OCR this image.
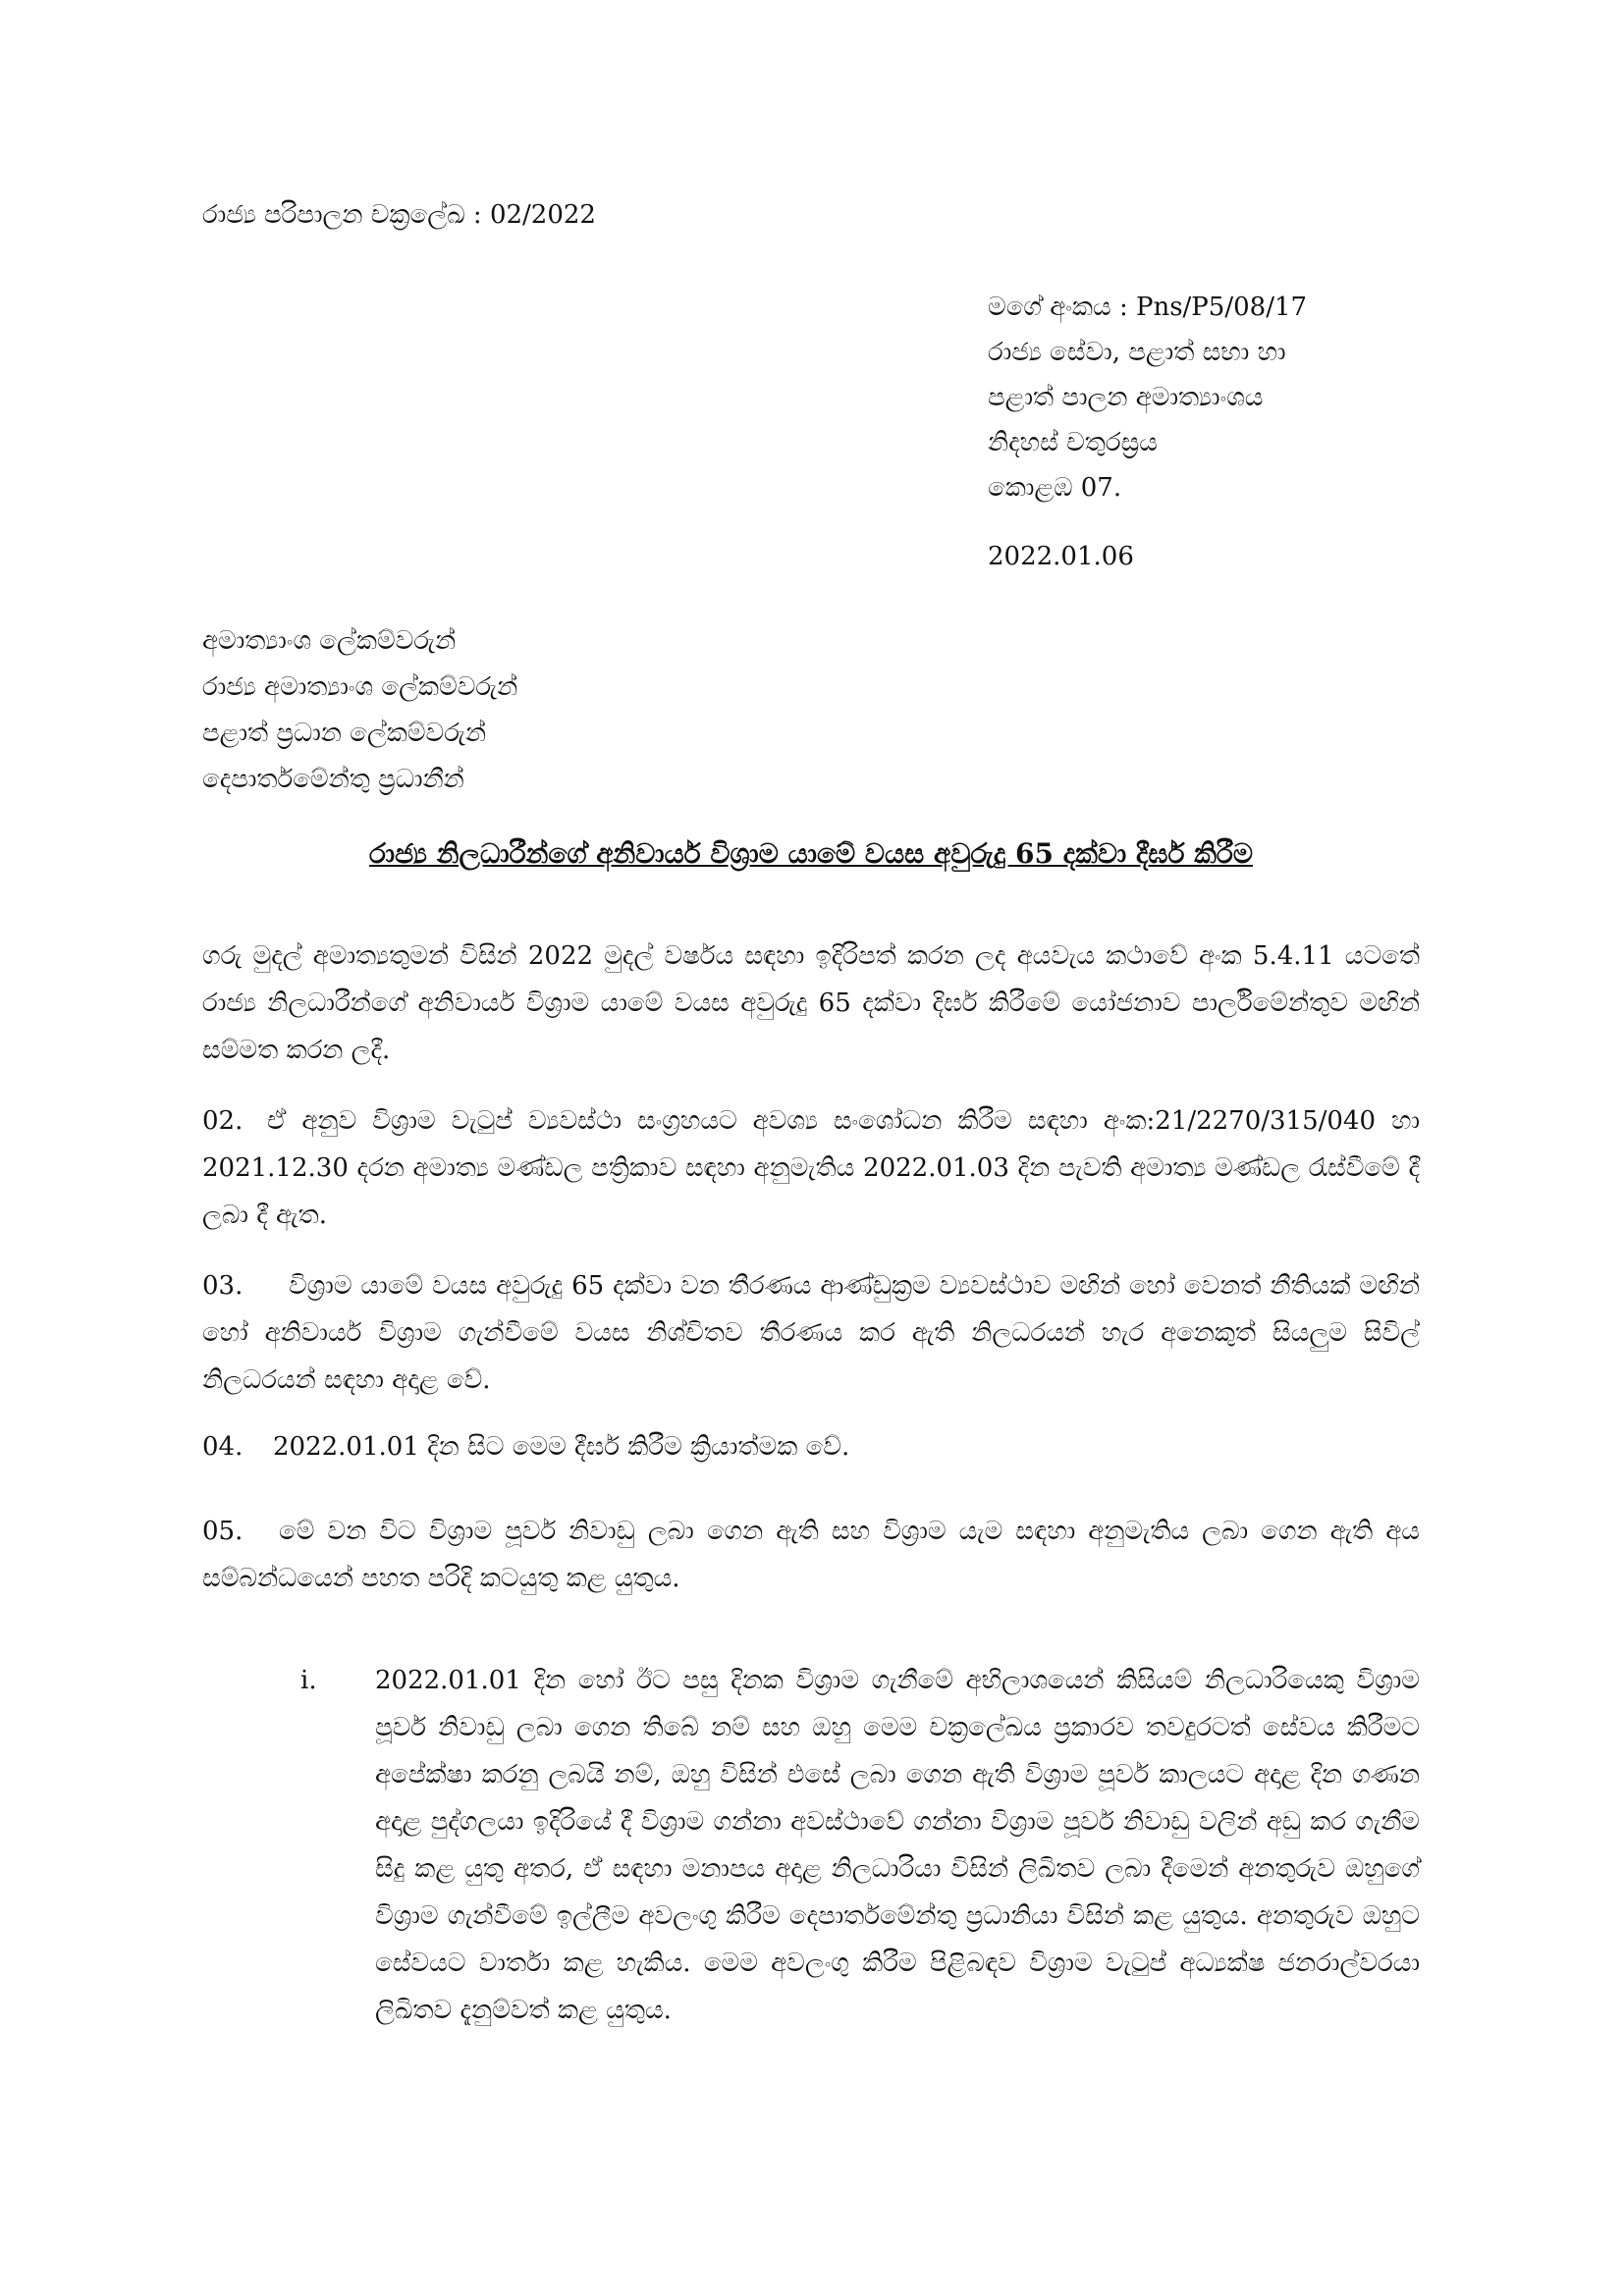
රාජ්‍ය පරිපාලන චක්‍රලේඛ : 02/2022
මගේ අංකය : Pns/P5/08/17
රාජ්‍ය සේවා, පළාත් සභා හා
පළාත් පාලන අමාත්‍යාංශය
නිදහස් චතුරස්‍රය
කොළඹ 07.
2022.01.06
අමාත්‍යාංශ ලේකම්වරුන්
රාජ්‍ය අමාත්‍යාංශ ලේකම්වරුන්
පළාත් ප්‍රධාන ලේකම්වරුන්
දෙපාර්තමේන්තු ප්‍රධානීන්
රාජ්‍ය නිලධාරීන්ගේ අනිවාර්ය විශ්‍රාම යාමේ වයස අවුරුදු 65 දක්වා දීර්ඝ කිරීම
ගරු මුදල් අමාත්‍යතුමන් විසින් 2022 මුදල් වර්ෂය සඳහා ඉදිරිපත් කරන ලද අයවැය කථාවේ අංක 5.4.11 යටතේ රාජ්‍ය නිලධාරීන්ගේ අනිවාර්ය විශ්‍රාම යාමේ වයස අවුරුදු 65 දක්වා දිර්ඝ කිරීමේ යෝජනාව පාර්ලිමේන්තුව මඟින් සම්මත කරන ලදී.
02. ඒ අනුව විශ්‍රාම වැටුප් ව්‍යවස්ථා සංග්‍රහයට අවශ්‍ය සංශෝධන කිරීම සඳහා අංක:21/2270/315/040 හා 2021.12.30 දරන අමාත්‍ය මණ්ඩල පත්‍රිකාව සඳහා අනුමැතිය 2022.01.03 දින පැවති අමාත්‍ය මණ්ඩල රැස්වීමේ දී ලබා දී ඇත.
03. විශ්‍රාම යාමේ වයස අවුරුදු 65 දක්වා වන තීරණය ආණ්ඩුක්‍රම ව්‍යවස්ථාව මඟින් හෝ වෙනත් නීතියක් මඟින් හෝ අනිවාර්ය විශ්‍රාම ගැන්වීමේ වයස නිශ්චිතව තීරණය කර ඇති නිලධරයන් හැර අනෙකුත් සියලුම සිවිල් නිලධරයන් සඳහා අදාළ වේ.
04. 2022.01.01 දින සිට මෙම දීර්ඝ කිරීම ක්‍රියාත්මක වේ.
05. මේ වන විට විශ්‍රාම පූර්ව නිවාඩු ලබා ගෙන ඇති සහ විශ්‍රාම යැම සඳහා අනුමැතිය ලබා ගෙන ඇති අය සම්බන්ධයෙන් පහත පරිදි කටයුතු කළ යුතුය.
i. 2022.01.01 දින හෝ ඊට පසු දිනක විශ්‍රාම ගැනීමේ අභිලාශයෙන් කිසියම් නිලධාරියෙකු විශ්‍රාම පූර්ව නිවාඩු ලබා ගෙන තිබේ නම් සහ ඔහු මෙම චක්‍රලේඛය ප්‍රකාරව තවදුරටත් සේවය කිරීමට අපේක්ෂා කරනු ලබයි නම්, ඔහු විසින් එසේ ලබා ගෙන ඇති විශ්‍රාම පූර්ව කාලයට අදාළ දින ගණන අදාළ පුද්ගලයා ඉදිරියේ දී විශ්‍රාම ගන්නා අවස්ථාවේ ගන්නා විශ්‍රාම පූර්ව නිවාඩු වලින් අඩු කර ගැනීම සිදු කළ යුතු අතර, ඒ සඳහා මනාපය අදාළ නිලධාරියා විසින් ලිඛිතව ලබා දීමෙන් අනතුරුව ඔහුගේ විශ්‍රාම ගැන්වීමේ ඉල්ලීම අවලංගු කිරීම දෙපාර්තමේන්තු ප්‍රධානියා විසින් කළ යුතුය. අනතුරුව ඔහුට සේවයට වාර්තා කළ හැකිය. මෙම අවලංගු කිරීම පිළිබඳව විශ්‍රාම වැටුප් අධ්‍යක්ෂ ජනරාල්වරයා ලිඛිතව දැනුම්වත් කළ යුතුය.
